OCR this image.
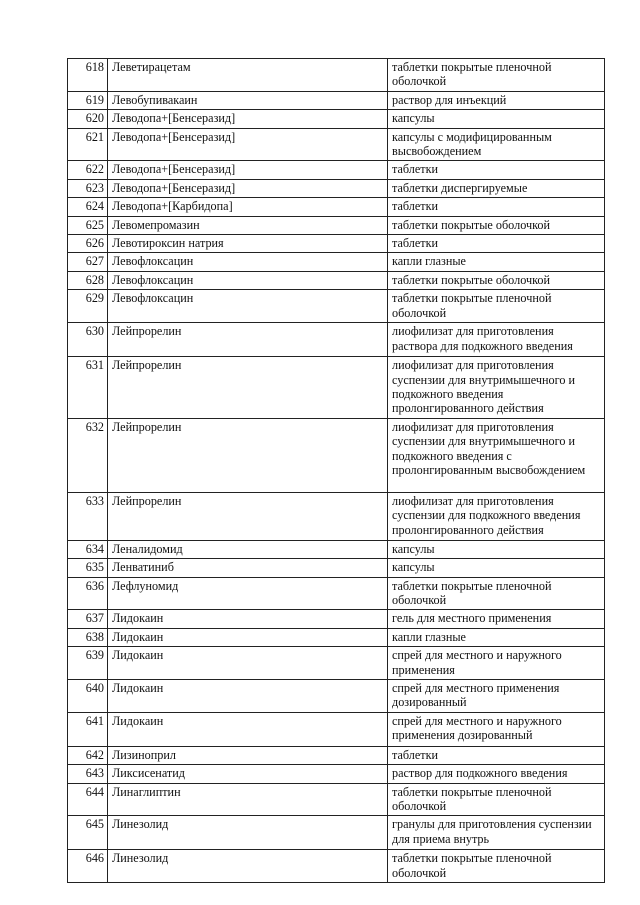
618	Леветирацетам	таблетки покрытые пленочной оболочкой
619	Левобупивакаин	раствор для инъекций
620	Леводопа+[Бенсеразид]	капсулы
621	Леводопа+[Бенсеразид]	капсулы с модифицированным высвобождением
622	Леводопа+[Бенсеразид]	таблетки
623	Леводопа+[Бенсеразид]	таблетки диспергируемые
624	Леводопа+[Карбидопа]	таблетки
625	Левомепромазин	таблетки покрытые оболочкой
626	Левотироксин натрия	таблетки
627	Левофлоксацин	капли глазные
628	Левофлоксацин	таблетки покрытые оболочкой
629	Левофлоксацин	таблетки покрытые пленочной оболочкой
630	Лейпрорелин	лиофилизат для приготовления раствора для подкожного введения
631	Лейпрорелин	лиофилизат для приготовления суспензии для внутримышечного и подкожного введения пролонгированного действия
632	Лейпрорелин	лиофилизат для приготовления суспензии для внутримышечного и подкожного введения с пролонгированным высвобождением
633	Лейпрорелин	лиофилизат для приготовления суспензии для подкожного введения пролонгированного действия
634	Леналидомид	капсулы
635	Ленватиниб	капсулы
636	Лефлуномид	таблетки покрытые пленочной оболочкой
637	Лидокаин	гель для местного применения
638	Лидокаин	капли глазные
639	Лидокаин	спрей для местного и наружного применения
640	Лидокаин	спрей для местного применения дозированный
641	Лидокаин	спрей для местного и наружного применения дозированный
642	Лизиноприл	таблетки
643	Ликсисенатид	раствор для подкожного введения
644	Линаглиптин	таблетки покрытые пленочной оболочкой
645	Линезолид	гранулы для приготовления суспензии для приема внутрь
646	Линезолид	таблетки покрытые пленочной оболочкой
